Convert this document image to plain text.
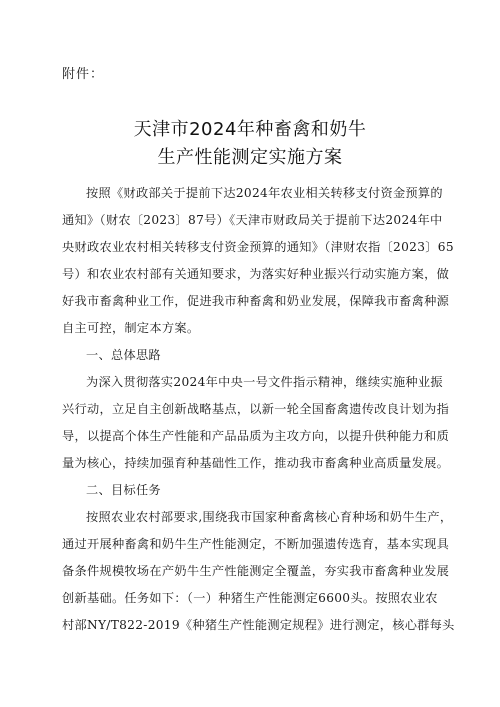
附件：
天津市2024年种畜禽和奶牛
生产性能测定实施方案
按照《财政部关于提前下达2024年农业相关转移支付资金预算的
通知》（财农〔2023〕87号）《天津市财政局关于提前下达2024年中
央财政农业农村相关转移支付资金预算的通知》（津财农指〔2023〕65
号）和农业农村部有关通知要求，为落实好种业振兴行动实施方案，做
好我市畜禽种业工作，促进我市种畜禽和奶业发展，保障我市畜禽种源
自主可控，制定本方案。
一、总体思路
为深入贯彻落实2024年中央一号文件指示精神，继续实施种业振
兴行动，立足自主创新战略基点，以新一轮全国畜禽遗传改良计划为指
导，以提高个体生产性能和产品品质为主攻方向，以提升供种能力和质
量为核心，持续加强育种基础性工作，推动我市畜禽种业高质量发展。
二、目标任务
按照农业农村部要求,围绕我市国家种畜禽核心育种场和奶牛生产，
通过开展种畜禽和奶牛生产性能测定，不断加强遗传选育，基本实现具
备条件规模牧场在产奶牛生产性能测定全覆盖，夯实我市畜禽种业发展
创新基础。任务如下：（一）种猪生产性能测定6600头。按照农业农
村部NY/T822-2019《种猪生产性能测定规程》进行测定，核心群每头
